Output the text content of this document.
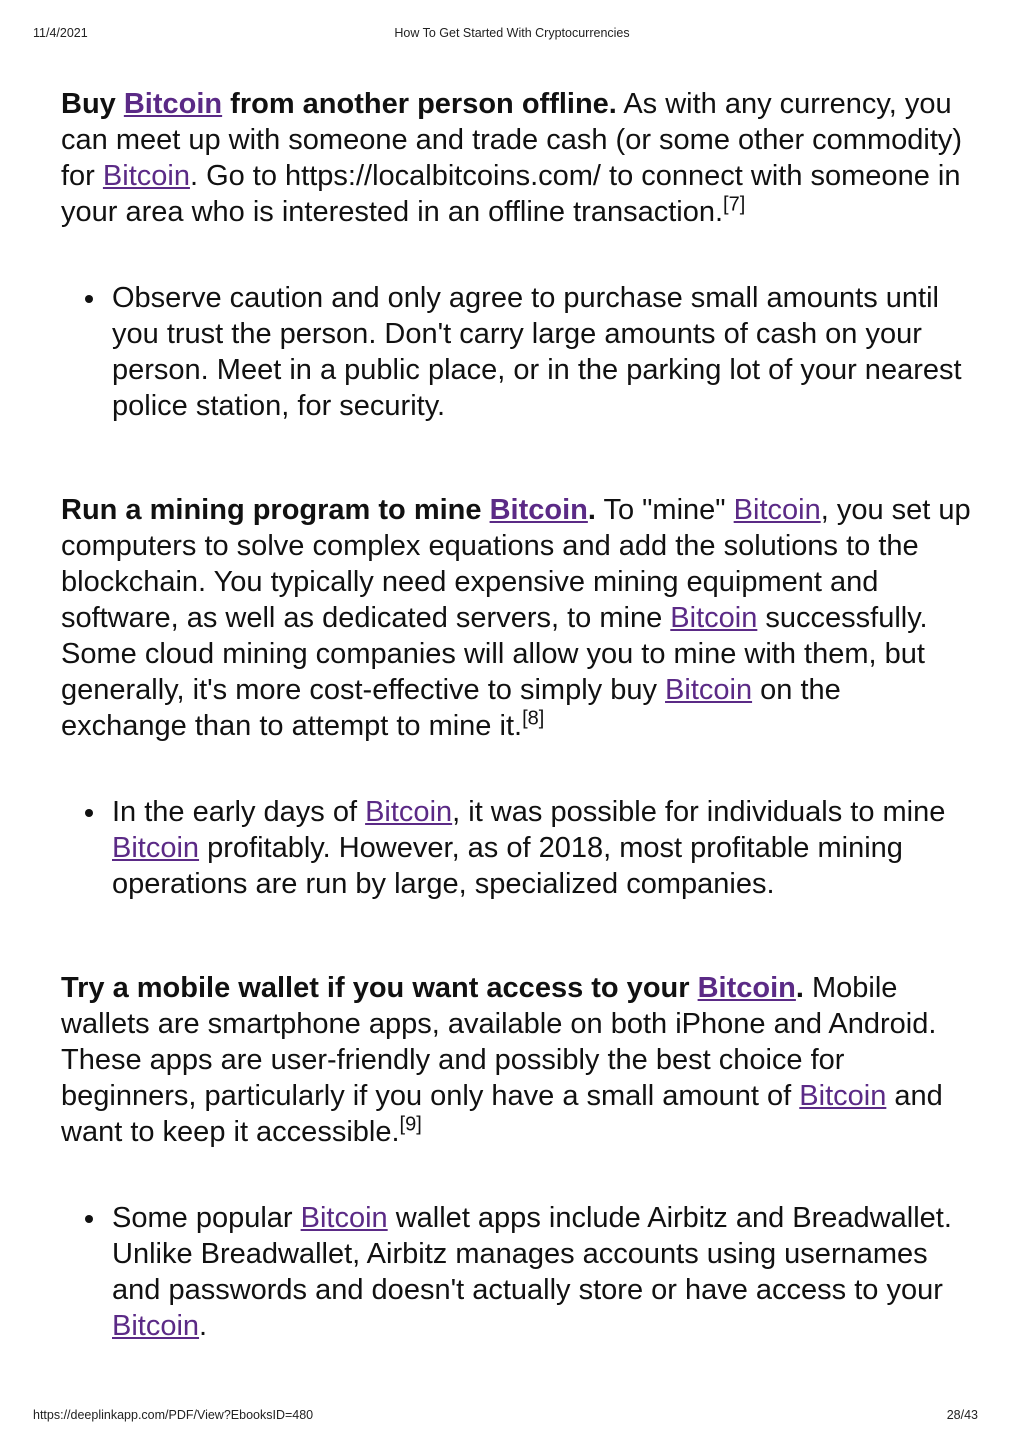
11/4/2021	How To Get Started With Cryptocurrencies

Buy Bitcoin from another person offline. As with any currency, you can meet up with someone and trade cash (or some other commodity) for Bitcoin. Go to https://localbitcoins.com/ to connect with someone in your area who is interested in an offline transaction.[7]

Observe caution and only agree to purchase small amounts until you trust the person. Don't carry large amounts of cash on your person. Meet in a public place, or in the parking lot of your nearest police station, for security.

Run a mining program to mine Bitcoin. To "mine" Bitcoin, you set up computers to solve complex equations and add the solutions to the blockchain. You typically need expensive mining equipment and software, as well as dedicated servers, to mine Bitcoin successfully. Some cloud mining companies will allow you to mine with them, but generally, it's more cost-effective to simply buy Bitcoin on the exchange than to attempt to mine it.[8]

In the early days of Bitcoin, it was possible for individuals to mine Bitcoin profitably. However, as of 2018, most profitable mining operations are run by large, specialized companies.

Try a mobile wallet if you want access to your Bitcoin. Mobile wallets are smartphone apps, available on both iPhone and Android. These apps are user-friendly and possibly the best choice for beginners, particularly if you only have a small amount of Bitcoin and want to keep it accessible.[9]

Some popular Bitcoin wallet apps include Airbitz and Breadwallet. Unlike Breadwallet, Airbitz manages accounts using usernames and passwords and doesn't actually store or have access to your Bitcoin.
https://deeplinkapp.com/PDF/View?EbooksID=480	28/43
